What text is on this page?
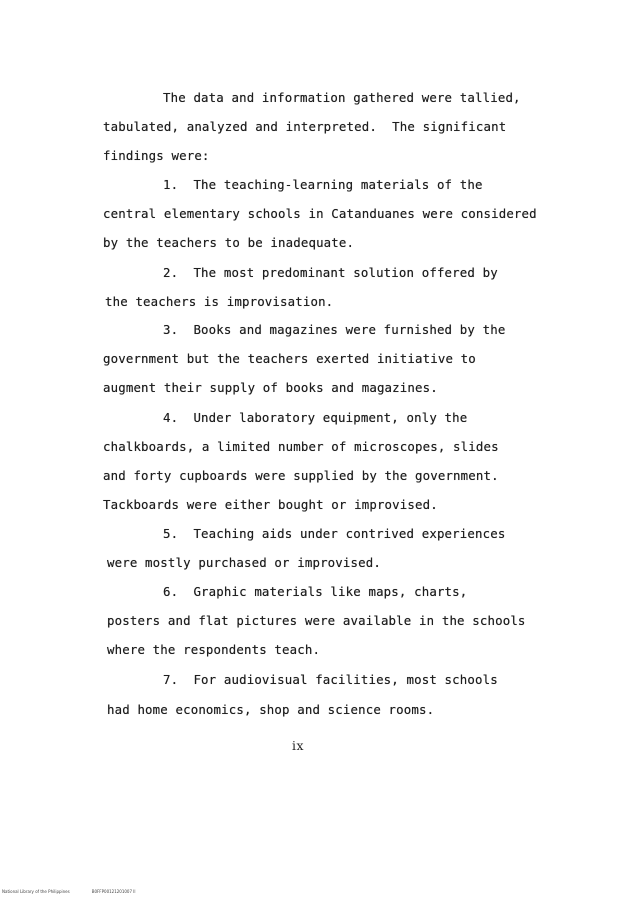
The data and information gathered were tallied,
tabulated, analyzed and interpreted.  The significant
findings were:
1.  The teaching-learning materials of the
central elementary schools in Catanduanes were considered
by the teachers to be inadequate.
2.  The most predominant solution offered by
the teachers is improvisation.
3.  Books and magazines were furnished by the
government but the teachers exerted initiative to
augment their supply of books and magazines.
4.  Under laboratory equipment, only the
chalkboards, a limited number of microscopes, slides
and forty cupboards were supplied by the government.
Tackboards were either bought or improvised.
5.  Teaching aids under contrived experiences
were mostly purchased or improvised.
6.  Graphic materials like maps, charts,
posters and flat pictures were available in the schools
where the respondents teach.
7.  For audiovisual facilities, most schools
had home economics, shop and science rooms.
ix
National Library of the Philippines	B0FFP00121201007 ll
